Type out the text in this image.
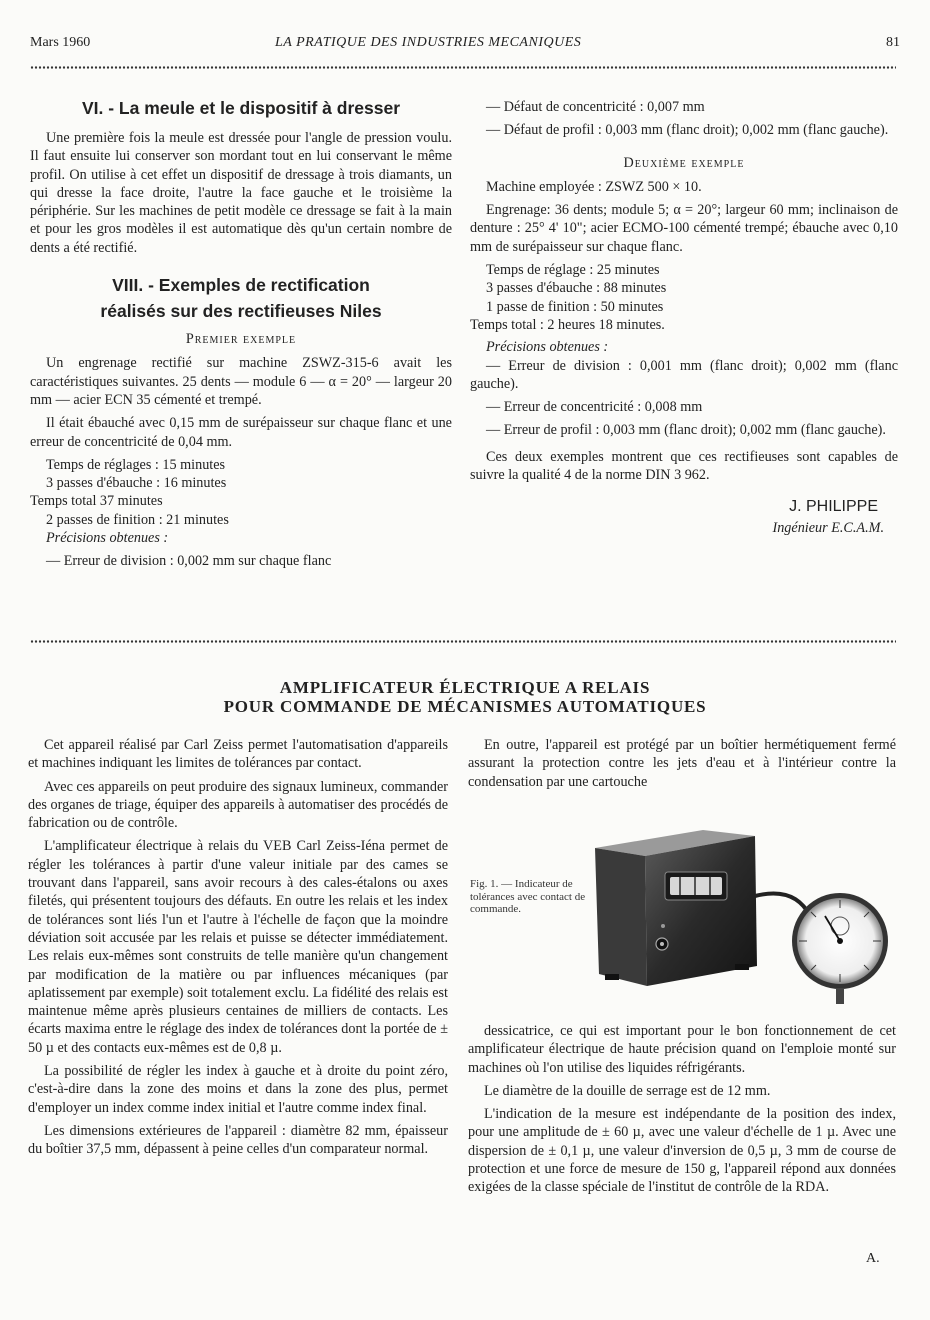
Mars 1960	LA PRATIQUE DES INDUSTRIES MECANIQUES	81

VI. - La meule et le dispositif à dresser

Une première fois la meule est dressée pour l'angle de pression voulu. Il faut ensuite lui conserver son mordant tout en lui conservant le même profil. On utilise à cet effet un dispositif de dressage à trois diamants, un qui dresse la face droite, l'autre la face gauche et le troisième la périphérie. Sur les machines de petit modèle ce dressage se fait à la main et pour les gros modèles il est automatique dès qu'un certain nombre de dents a été rectifié.

VIII. - Exemples de rectification

réalisés sur des rectifieuses Niles

Premier exemple

Un engrenage rectifié sur machine ZSWZ-315-6 avait les caractéristiques suivantes. 25 dents — module 6 — α = 20° — largeur 20 mm — acier ECN 35 cémenté et trempé.

Il était ébauché avec 0,15 mm de surépaisseur sur chaque flanc et une erreur de concentricité de 0,04 mm.

Temps de réglages : 15 minutes

3 passes d'ébauche : 16 minutes

Temps total 37 minutes

2 passes de finition : 21 minutes

Précisions obtenues :

— Erreur de division : 0,002 mm sur chaque flanc

— Défaut de concentricité : 0,007 mm

— Défaut de profil : 0,003 mm (flanc droit); 0,002 mm (flanc gauche).

Deuxième exemple

Machine employée : ZSWZ 500 × 10.

Engrenage: 36 dents; module 5; α = 20°; largeur 60 mm; inclinaison de denture : 25° 4' 10"; acier ECMO-100 cémenté trempé; ébauche avec 0,10 mm de surépaisseur sur chaque flanc.

Temps de réglage : 25 minutes

3 passes d'ébauche : 88 minutes

1 passe de finition : 50 minutes

Temps total : 2 heures 18 minutes.

Précisions obtenues :

— Erreur de division : 0,001 mm (flanc droit); 0,002 mm (flanc gauche).

— Erreur de concentricité : 0,008 mm

— Erreur de profil : 0,003 mm (flanc droit); 0,002 mm (flanc gauche).

Ces deux exemples montrent que ces rectifieuses sont capables de suivre la qualité 4 de la norme DIN 3 962.

J. PHILIPPE

Ingénieur E.C.A.M.

AMPLIFICATEUR ÉLECTRIQUE A RELAIS
POUR COMMANDE DE MÉCANISMES AUTOMATIQUES

Cet appareil réalisé par Carl Zeiss permet l'automatisation d'appareils et machines indiquant les limites de tolérances par contact.

Avec ces appareils on peut produire des signaux lumineux, commander des organes de triage, équiper des appareils à automatiser des procédés de fabrication ou de contrôle.

L'amplificateur électrique à relais du VEB Carl Zeiss-Iéna permet de régler les tolérances à partir d'une valeur initiale par des cames se trouvant dans l'appareil, sans avoir recours à des cales-étalons ou axes filetés, qui présentent toujours des défauts. En outre les relais et les index de tolérances sont liés l'un et l'autre à l'échelle de façon que la moindre déviation soit accusée par les relais et puisse se détecter immédiatement. Les relais eux-mêmes sont construits de telle manière qu'un changement par modification de la matière ou par influences mécaniques (par aplatissement par exemple) soit totalement exclu. La fidélité des relais est maintenue même après plusieurs centaines de milliers de contacts. Les écarts maxima entre le réglage des index de tolérances dont la portée de ± 50 µ et des contacts eux-mêmes est de 0,8 µ.

La possibilité de régler les index à gauche et à droite du point zéro, c'est-à-dire dans la zone des moins et dans la zone des plus, permet d'employer un index comme index initial et l'autre comme index final.

Les dimensions extérieures de l'appareil : diamètre 82 mm, épaisseur du boîtier 37,5 mm, dépassent à peine celles d'un comparateur normal.

En outre, l'appareil est protégé par un boîtier hermétiquement fermé assurant la protection contre les jets d'eau et à l'intérieur contre la condensation par une cartouche

Fig. 1. — Indicateur de tolérances avec contact de commande.

dessicatrice, ce qui est important pour le bon fonctionnement de cet amplificateur électrique de haute précision quand on l'emploie monté sur machines où l'on utilise des liquides réfrigérants.

Le diamètre de la douille de serrage est de 12 mm.

L'indication de la mesure est indépendante de la position des index, pour une amplitude de ± 60 µ, avec une valeur d'échelle de 1 µ. Avec une dispersion de ± 0,1 µ, une valeur d'inversion de 0,5 µ, 3 mm de course de protection et une force de mesure de 150 g, l'appareil répond aux données exigées de la classe spéciale de l'institut de contrôle de la RDA.

A.
